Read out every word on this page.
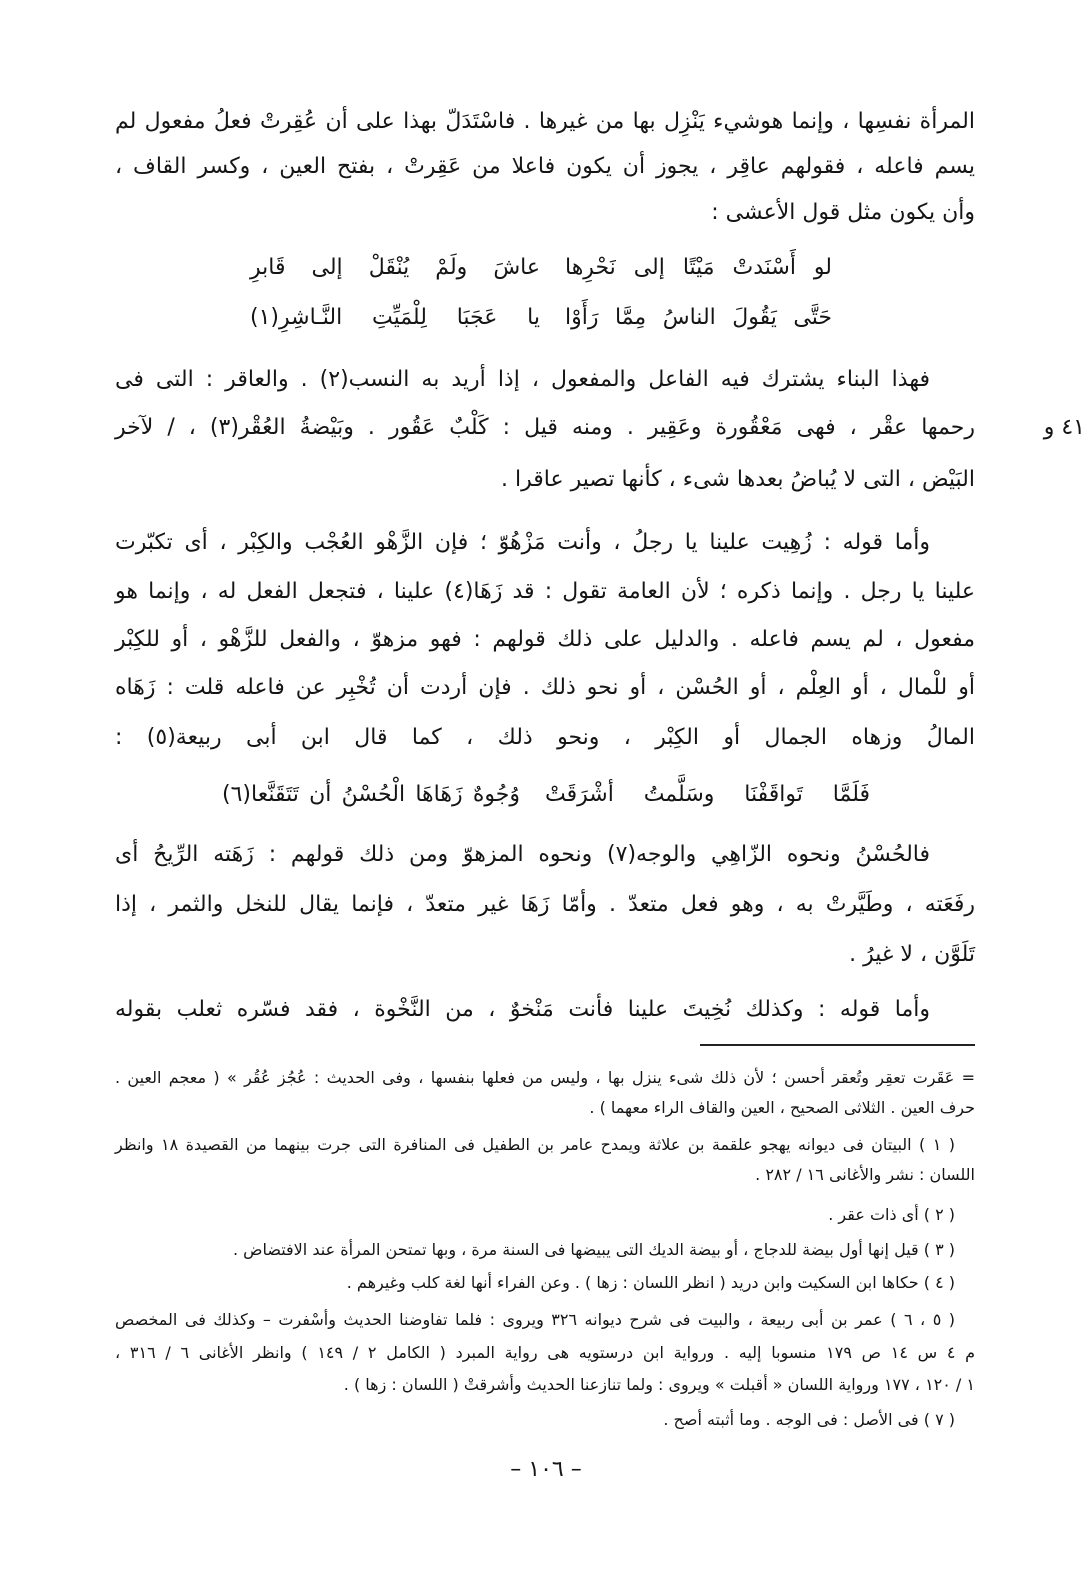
المرأة نفسِها ، وإنما هوشيء يَنْزِل بها من غيرها . فاسْتَدَلّ بهذا على أن عُقِرتْ فعلُ مفعول لم
يسم فاعله ، فقولهم عاقِر ، يجوز أن يكون فاعلا من عَقِرتْ ، بفتح العين ، وكسر القاف ،
وأن يكون مثل قول الأعشى :
لو أَسْنَدتْ مَيْتًا إلى نَحْرِها
عاشَ ولَمْ يُنْقَلْ إلى قَابرِ
حَتَّى يَقُولَ الناسُ مِمَّا رَأَوْا
يا عَجَبَا لِلْمَيِّتِ النَّـاشِرِ(١)
فهذا البناء يشترك فيه الفاعل والمفعول ، إذا أريد به النسب(٢) . والعاقر : التى فى
رحمها عقْر ، فهى مَعْقُورة وعَقِير . ومنه قيل : كَلْبٌ عَقُور . وبَيْضةُ العُقْر(٣) ، / لآخر
البَيْض ، التى لا يُباضُ بعدها شىء ، كأنها تصير عاقرا .
٤١ و
وأما قوله : زُهِيت علينا يا رجلُ ، وأنت مَزْهُوّ ؛ فإن الزَّهْو العُجْب والكِبْر ، أى تكبّرت
علينا يا رجل . وإنما ذكره ؛ لأن العامة تقول : قد زَهَا(٤) علينا ، فتجعل الفعل له ، وإنما هو
مفعول ، لم يسم فاعله . والدليل على ذلك قولهم : فهو مزهوّ ، والفعل للزَّهْو ، أو للكِبْر
أو للْمال ، أو العِلْم ، أو الحُسْن ، أو نحو ذلك . فإن أردت أن تُخْبِر عن فاعله قلت : زَهَاه
المالُ وزهاه الجمال أو الكِبْر ، ونحو ذلك ، كما قال ابن أبى ربيعة(٥) :
فَلَمَّا تَواقَفْنَا وسَلَّمتُ أشْرَقَتْ
وُجُوهٌ زَهَاهَا الْحُسْنُ أن تَتَقَنَّعا(٦)
فالحُسْنُ ونحوه الزّاهِي والوجه(٧) ونحوه المزهوّ ومن ذلك قولهم : زَهَته الرِّيحُ أى
رفَعَته ، وطَيَّرتْ به ، وهو فعل متعدّ . وأمّا زَهَا غير متعدّ ، فإنما يقال للنخل والثمر ، إذا
تَلَوَّن ، لا غيرُ .
وأما قوله : وكذلك نُخِيتَ علينا فأنت مَنْخوٌ ، من النَّخْوة ، فقد فسّره ثعلب بقوله
= عَقَرت تعقِر وتُعقر أحسن ؛ لأن ذلك شىء ينزل بها ، وليس من فعلها بنفسها ، وفى الحديث : عُجُز عُقُر » ( معجم العين .
حرف العين . الثلاثى الصحيح ، العين والقاف الراء معهما ) .
( ١ ) البيتان فى ديوانه يهجو علقمة بن علاثة ويمدح عامر بن الطفيل فى المنافرة التى جرت بينهما من القصيدة ١٨ وانظر
اللسان : نشر والأغانى ١٦ / ٢٨٢ .
( ٢ ) أى ذات عقر .
( ٣ ) قيل إنها أول بيضة للدجاج ، أو بيضة الديك التى يبيضها فى السنة مرة ، وبها تمتحن المرأة عند الافتضاض .
( ٤ ) حكاها ابن السكيت وابن دريد ( انظر اللسان : زها ) . وعن الفراء أنها لغة كلب وغيرهم .
( ٥ ، ٦ ) عمر بن أبى ربيعة ، والبيت فى شرح ديوانه ٣٢٦ ويروى : فلما تفاوضنا الحديث وأسْفرت – وكذلك فى المخصص
م ٤ س ١٤ ص ١٧٩ منسوبا إليه . ورواية ابن درستويه هى رواية المبرد ( الكامل ٢ / ١٤٩ ) وانظر الأغانى ٦ / ٣١٦ ،
١ / ١٢٠ ، ١٧٧ ورواية اللسان « أقبلت » ويروى : ولما تنازعنا الحديث وأشرقتْ ( اللسان : زها ) .
( ٧ ) فى الأصل : فى الوجه . وما أثبته أصح .
– ١٠٦ –
